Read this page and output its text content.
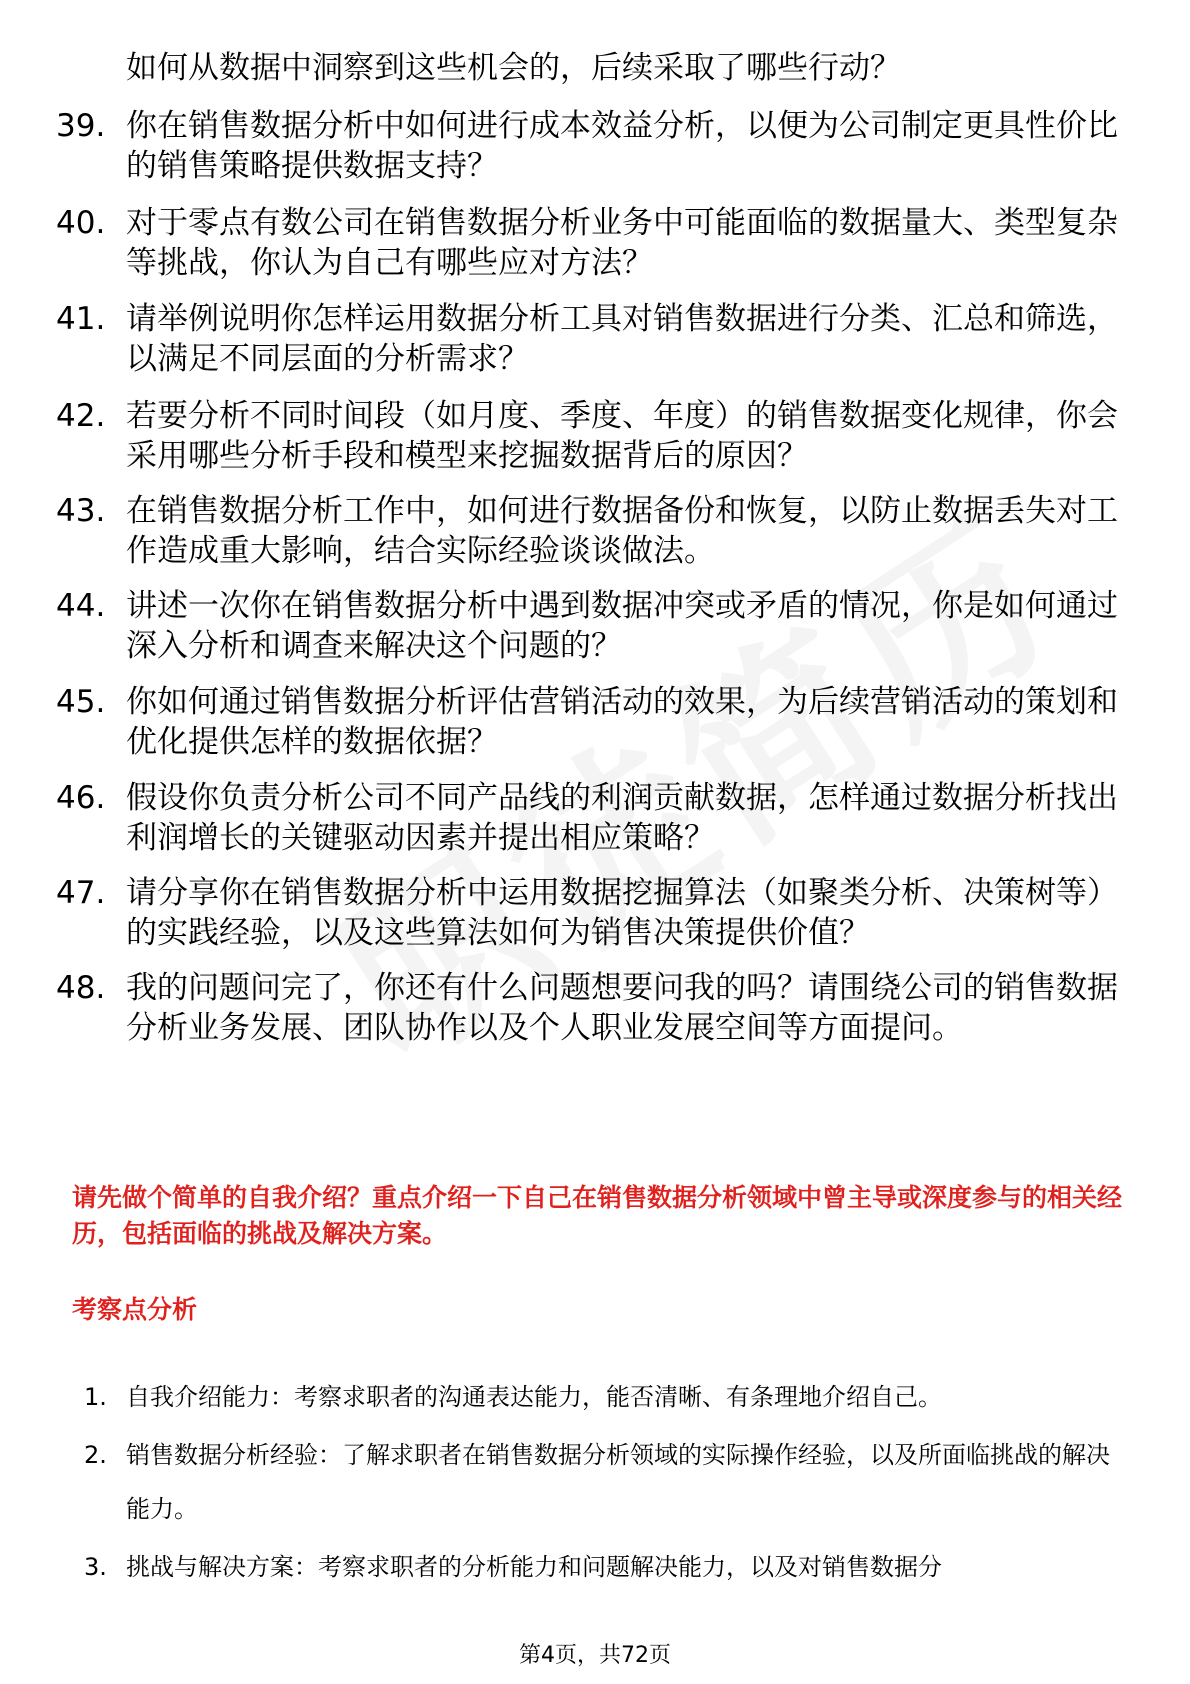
如何从数据中洞察到这些机会的，后续采取了哪些行动？
39. 你在销售数据分析中如何进行成本效益分析，以便为公司制定更具性价比的销售策略提供数据支持？
40. 对于零点有数公司在销售数据分析业务中可能面临的数据量大、类型复杂等挑战，你认为自己有哪些应对方法？
41. 请举例说明你怎样运用数据分析工具对销售数据进行分类、汇总和筛选，以满足不同层面的分析需求？
42. 若要分析不同时间段（如月度、季度、年度）的销售数据变化规律，你会采用哪些分析手段和模型来挖掘数据背后的原因？
43. 在销售数据分析工作中，如何进行数据备份和恢复，以防止数据丢失对工作造成重大影响，结合实际经验谈谈做法。
44. 讲述一次你在销售数据分析中遇到数据冲突或矛盾的情况，你是如何通过深入分析和调查来解决这个问题的？
45. 你如何通过销售数据分析评估营销活动的效果，为后续营销活动的策划和优化提供怎样的数据依据？
46. 假设你负责分析公司不同产品线的利润贡献数据，怎样通过数据分析找出利润增长的关键驱动因素并提出相应策略？
47. 请分享你在销售数据分析中运用数据挖掘算法（如聚类分析、决策树等）的实践经验，以及这些算法如何为销售决策提供价值？
48. 我的问题问完了，你还有什么问题想要问我的吗？请围绕公司的销售数据分析业务发展、团队协作以及个人职业发展空间等方面提问。
请先做个简单的自我介绍？重点介绍一下自己在销售数据分析领域中曾主导或深度参与的相关经历，包括面临的挑战及解决方案。
考察点分析
1. 自我介绍能力：考察求职者的沟通表达能力，能否清晰、有条理地介绍自己。
2. 销售数据分析经验：了解求职者在销售数据分析领域的实际操作经验，以及所面临挑战的解决能力。
3. 挑战与解决方案：考察求职者的分析能力和问题解决能力，以及对销售数据分
第4页，共72页
